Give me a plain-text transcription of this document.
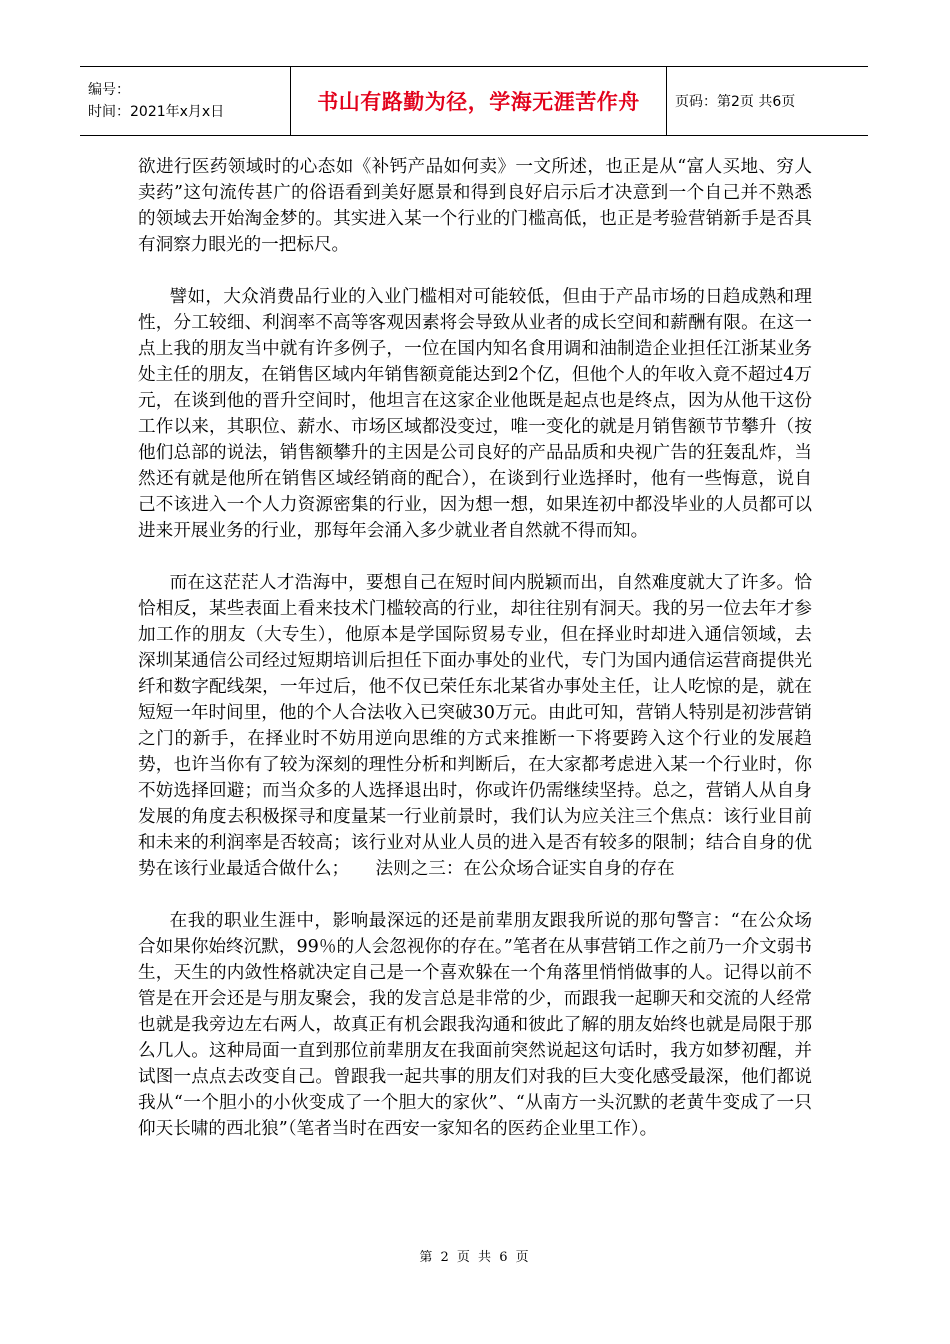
编号：
时间：2021年x月x日	书山有路勤为径，学海无涯苦作舟	页码：第2页 共6页

欲进行医药领域时的心态如《补钙产品如何卖》一文所述，也正是从“富人买地、穷人卖药”这句流传甚广的俗语看到美好愿景和得到良好启示后才决意到一个自己并不熟悉的领域去开始淘金梦的。其实进入某一个行业的门槛高低，也正是考验营销新手是否具有洞察力眼光的一把标尺。

譬如，大众消费品行业的入业门槛相对可能较低，但由于产品市场的日趋成熟和理性，分工较细、利润率不高等客观因素将会导致从业者的成长空间和薪酬有限。在这一点上我的朋友当中就有许多例子，一位在国内知名食用调和油制造企业担任江浙某业务处主任的朋友，在销售区域内年销售额竟能达到2个亿，但他个人的年收入竟不超过4万元，在谈到他的晋升空间时，他坦言在这家企业他既是起点也是终点，因为从他干这份工作以来，其职位、薪水、市场区域都没变过，唯一变化的就是月销售额节节攀升（按他们总部的说法，销售额攀升的主因是公司良好的产品品质和央视广告的狂轰乱炸，当然还有就是他所在销售区域经销商的配合），在谈到行业选择时，他有一些悔意，说自己不该进入一个人力资源密集的行业，因为想一想，如果连初中都没毕业的人员都可以进来开展业务的行业，那每年会涌入多少就业者自然就不得而知。

而在这茫茫人才浩海中，要想自己在短时间内脱颖而出，自然难度就大了许多。恰恰相反，某些表面上看来技术门槛较高的行业，却往往别有洞天。我的另一位去年才参加工作的朋友（大专生），他原本是学国际贸易专业，但在择业时却进入通信领域，去深圳某通信公司经过短期培训后担任下面办事处的业代，专门为国内通信运营商提供光纤和数字配线架，一年过后，他不仅已荣任东北某省办事处主任，让人吃惊的是，就在短短一年时间里，他的个人合法收入已突破30万元。由此可知，营销人特别是初涉营销之门的新手，在择业时不妨用逆向思维的方式来推断一下将要跨入这个行业的发展趋势，也许当你有了较为深刻的理性分析和判断后，在大家都考虑进入某一个行业时，你不妨选择回避；而当众多的人选择退出时，你或许仍需继续坚持。总之，营销人从自身发展的角度去积极探寻和度量某一行业前景时，我们认为应关注三个焦点：该行业目前和未来的利润率是否较高；该行业对从业人员的进入是否有较多的限制；结合自身的优势在该行业最适合做什么；　　法则之三：在公众场合证实自身的存在

在我的职业生涯中，影响最深远的还是前辈朋友跟我所说的那句警言：“在公众场合如果你始终沉默，99％的人会忽视你的存在。”笔者在从事营销工作之前乃一介文弱书生，天生的内敛性格就决定自己是一个喜欢躲在一个角落里悄悄做事的人。记得以前不管是在开会还是与朋友聚会，我的发言总是非常的少，而跟我一起聊天和交流的人经常也就是我旁边左右两人，故真正有机会跟我沟通和彼此了解的朋友始终也就是局限于那么几人。这种局面一直到那位前辈朋友在我面前突然说起这句话时，我方如梦初醒，并试图一点点去改变自己。曾跟我一起共事的朋友们对我的巨大变化感受最深，他们都说我从“一个胆小的小伙变成了一个胆大的家伙”、“从南方一头沉默的老黄牛变成了一只仰天长啸的西北狼”（笔者当时在西安一家知名的医药企业里工作）。

第 2 页 共 6 页
